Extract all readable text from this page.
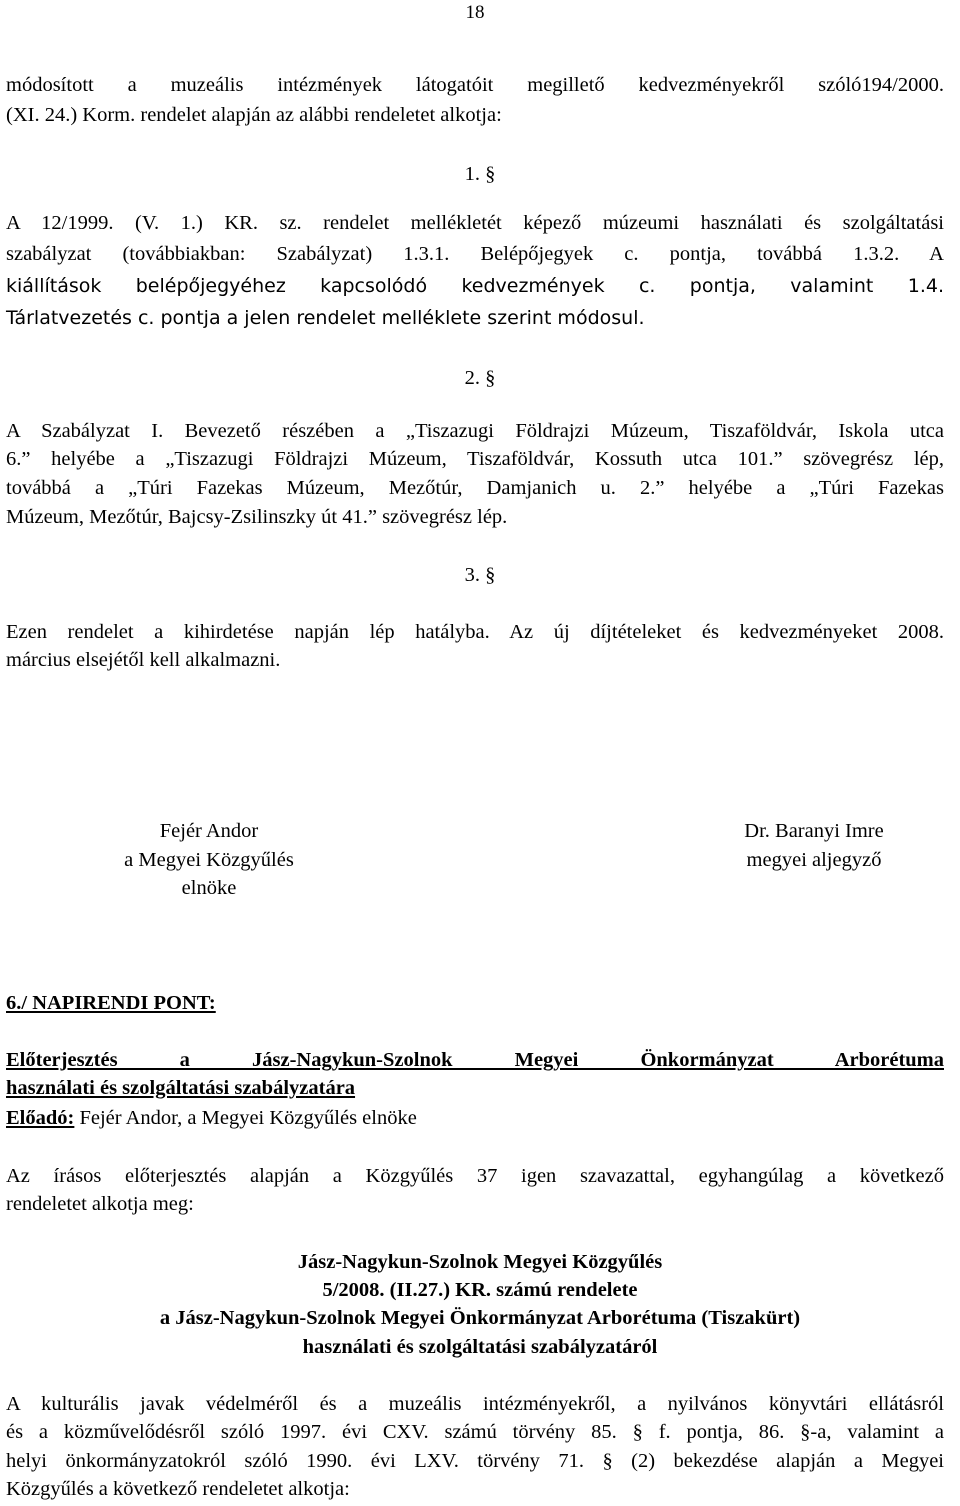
18
módosított a muzeális intézmények látogatóit megillető kedvezményekről szóló194/2000.
(XI. 24.) Korm. rendelet alapján az alábbi rendeletet alkotja:
1. §
A 12/1999. (V. 1.) KR. sz. rendelet mellékletét képező múzeumi használati és szolgáltatási
szabályzat (továbbiakban: Szabályzat) 1.3.1. Belépőjegyek c. pontja, továbbá 1.3.2. A
kiállítások belépőjegyéhez kapcsolódó kedvezmények c. pontja, valamint 1.4.
Tárlatvezetés c. pontja a jelen rendelet melléklete szerint módosul.
2. §
A Szabályzat I. Bevezető részében a „Tiszazugi Földrajzi Múzeum, Tiszaföldvár, Iskola utca
6.” helyébe a „Tiszazugi Földrajzi Múzeum, Tiszaföldvár, Kossuth utca 101.” szövegrész lép,
továbbá a „Túri Fazekas Múzeum, Mezőtúr, Damjanich u. 2.” helyébe a „Túri Fazekas
Múzeum, Mezőtúr, Bajcsy-Zsilinszky út 41.” szövegrész lép.
3. §
Ezen rendelet a kihirdetése napján lép hatályba. Az új díjtételeket és kedvezményeket 2008.
március elsejétől kell alkalmazni.
Fejér Andor
a Megyei Közgyűlés
elnöke
Dr. Baranyi Imre
megyei aljegyző
6./ NAPIRENDI PONT:
Előterjesztés a Jász-Nagykun-Szolnok Megyei Önkormányzat Arborétuma
használati és szolgáltatási szabályzatára
Előadó: Fejér Andor, a Megyei Közgyűlés elnöke
Az írásos előterjesztés alapján a Közgyűlés 37 igen szavazattal, egyhangúlag a következő
rendeletet alkotja meg:
Jász-Nagykun-Szolnok Megyei Közgyűlés
5/2008. (II.27.) KR. számú rendelete
a Jász-Nagykun-Szolnok Megyei Önkormányzat Arborétuma (Tiszakürt)
használati és szolgáltatási szabályzatáról
A kulturális javak védelméről és a muzeális intézményekről, a nyilvános könyvtári ellátásról
és a közművelődésről szóló 1997. évi CXV. számú törvény 85. § f. pontja, 86. §-a, valamint a
helyi önkormányzatokról szóló 1990. évi LXV. törvény 71. § (2) bekezdése alapján a Megyei
Közgyűlés a következő rendeletet alkotja:
